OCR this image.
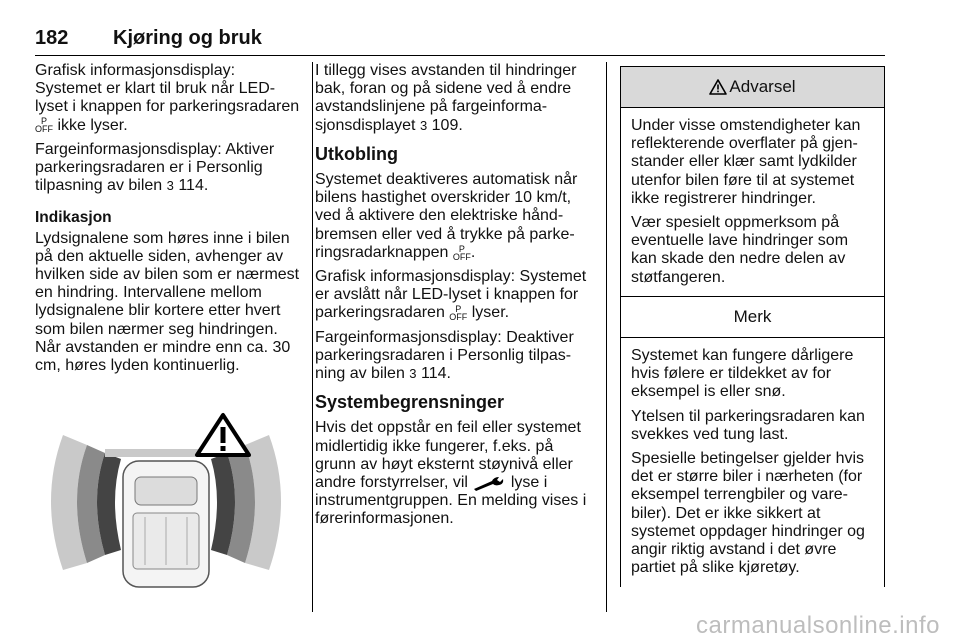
182 Kjøring og bruk

Grafisk informasjonsdisplay: Systemet er klart til bruk når LED-lyset i knappen for parkeringsradaren P
OFF ikke lyser.

Fargeinformasjonsdisplay: Aktiver parkeringsradaren er i Personlig tilpasning av bilen 3 114.

Indikasjon

Lydsignalene som høres inne i bilen på den aktuelle siden, avhenger av hvilken side av bilen som er nærmest en hindring. Intervallene mellom lydsignalene blir kortere etter hvert som bilen nærmer seg hindringen. Når avstanden er mindre enn ca. 30 cm, høres lyden kontinuerlig.

I tillegg vises avstanden til hindringer bak, foran og på sidene ved å endre avstandslinjene på fargeinforma-sjonsdisplayet 3 109.

Utkobling

Systemet deaktiveres automatisk når bilens hastighet overskrider 10 km/t, ved å aktivere den elektriske hånd-bremsen eller ved å trykke på parke-ringsradarknappen P
OFF.

Grafisk informasjonsdisplay: Systemet er avslått når LED-lyset i knappen for parkeringsradaren P
OFF lyser.

Fargeinformasjonsdisplay: Deaktiver parkeringsradaren i Personlig tilpas-ning av bilen 3 114.

Systembegrensninger

Hvis det oppstår en feil eller systemet midlertidig ikke fungerer, f.eks. på grunn av høyt eksternt støynivå eller andre forstyrrelser, vil  lyse i instrumentgruppen. En melding vises i førerinformasjonen.

Advarsel

Under visse omstendigheter kan reflekterende overflater på gjen-stander eller klær samt lydkilder utenfor bilen føre til at systemet ikke registrerer hindringer.

Vær spesielt oppmerksom på eventuelle lave hindringer som kan skade den nedre delen av støtfangeren.

Merk

Systemet kan fungere dårligere hvis følere er tildekket av for eksempel is eller snø.

Ytelsen til parkeringsradaren kan svekkes ved tung last.

Spesielle betingelser gjelder hvis det er større biler i nærheten (for eksempel terrengbiler og vare-biler). Det er ikke sikkert at systemet oppdager hindringer og angir riktig avstand i det øvre partiet på slike kjøretøy.

carmanualsonline.info
